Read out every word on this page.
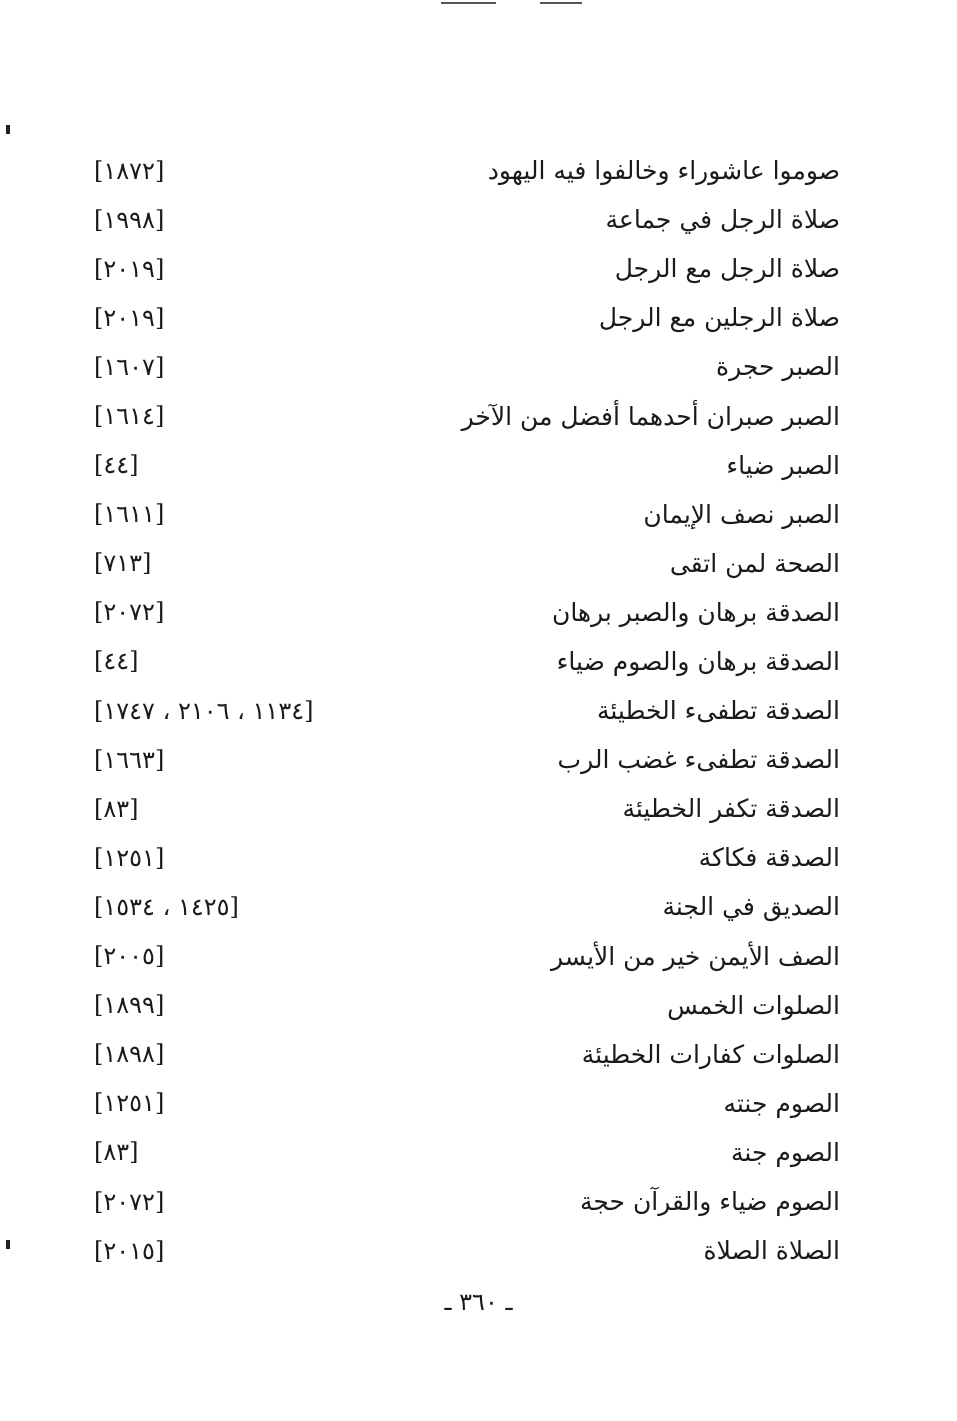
[١٨٧٢]	صوموا عاشوراء وخالفوا فيه اليهود
[١٩٩٨]	صلاة الرجل في جماعة
[٢٠١٩]	صلاة الرجل مع الرجل
[٢٠١٩]	صلاة الرجلين مع الرجل
[١٦٠٧]	الصبر حجرة
[١٦١٤]	الصبر صبران أحدهما أفضل من الآخر
[٤٤]	الصبر ضياء
[١٦١١]	الصبر نصف الإيمان
[٧١٣]	الصحة لمن اتقى
[٢٠٧٢]	الصدقة برهان والصبر برهان
[٤٤]	الصدقة برهان والصوم ضياء
[١١٣٤ ، ٢١٠٦ ، ١٧٤٧]	الصدقة تطفىء الخطيئة
[١٦٦٣]	الصدقة تطفىء غضب الرب
[٨٣]	الصدقة تكفر الخطيئة
[١٢٥١]	الصدقة فكاكة
[١٤٢٥ ، ١٥٣٤]	الصديق في الجنة
[٢٠٠٥]	الصف الأيمن خير من الأيسر
[١٨٩٩]	الصلوات الخمس
[١٨٩٨]	الصلوات كفارات الخطيئة
[١٢٥١]	الصوم جنته
[٨٣]	الصوم جنة
[٢٠٧٢]	الصوم ضياء والقرآن حجة
[٢٠١٥]	الصلاة الصلاة
ـ ٣٦٠ ـ
